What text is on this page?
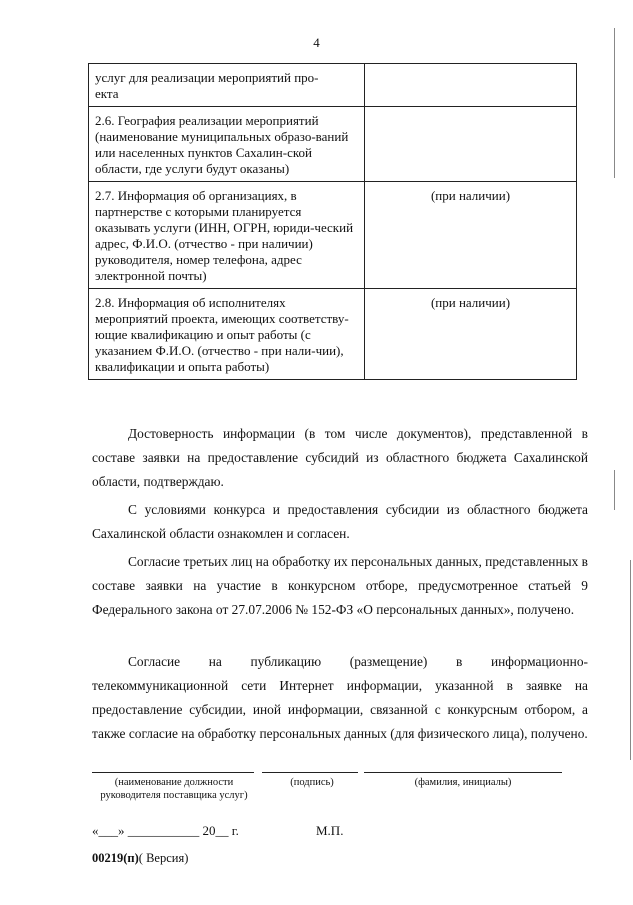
4
услуг для реализации мероприятий про-
екта	
2.6. География реализации мероприятий (наименование муниципальных образо-ваний или населенных пунктов Сахалин-ской области, где услуги будут оказаны)	
2.7. Информация об организациях, в партнерстве с которыми планируется оказывать услуги (ИНН, ОГРН, юриди-ческий адрес, Ф.И.О. (отчество - при наличии) руководителя, номер телефона, адрес электронной почты)	(при наличии)
2.8. Информация об исполнителях мероприятий проекта, имеющих соответству-ющие квалификацию и опыт работы (с указанием Ф.И.О. (отчество - при нали-чии), квалификации и опыта работы)	(при наличии)

Достоверность информации (в том числе документов), представленной в составе заявки на предоставление субсидий из областного бюджета Сахалинской области, подтверждаю.

С условиями конкурса и предоставления субсидии из областного бюджета Сахалинской области ознакомлен и согласен.

Согласие третьих лиц на обработку их персональных данных, представленных в составе заявки на участие в конкурсном отборе, предусмотренное статьей 9 Федерального закона от 27.07.2006 № 152-ФЗ «О персональных данных», получено.

Согласие на публикацию (размещение) в информационно-телекоммуникационной сети Интернет информации, указанной в заявке на предоставление субсидии, иной информации, связанной с конкурсным отбором, а также согласие на обработку персональных данных (для физического лица), получено.

(наименование должности
руководителя поставщика услуг)
(подпись)	(фамилия, инициалы)
«___» ___________ 20__ г.	М.П.
00219(п)( Версия)
